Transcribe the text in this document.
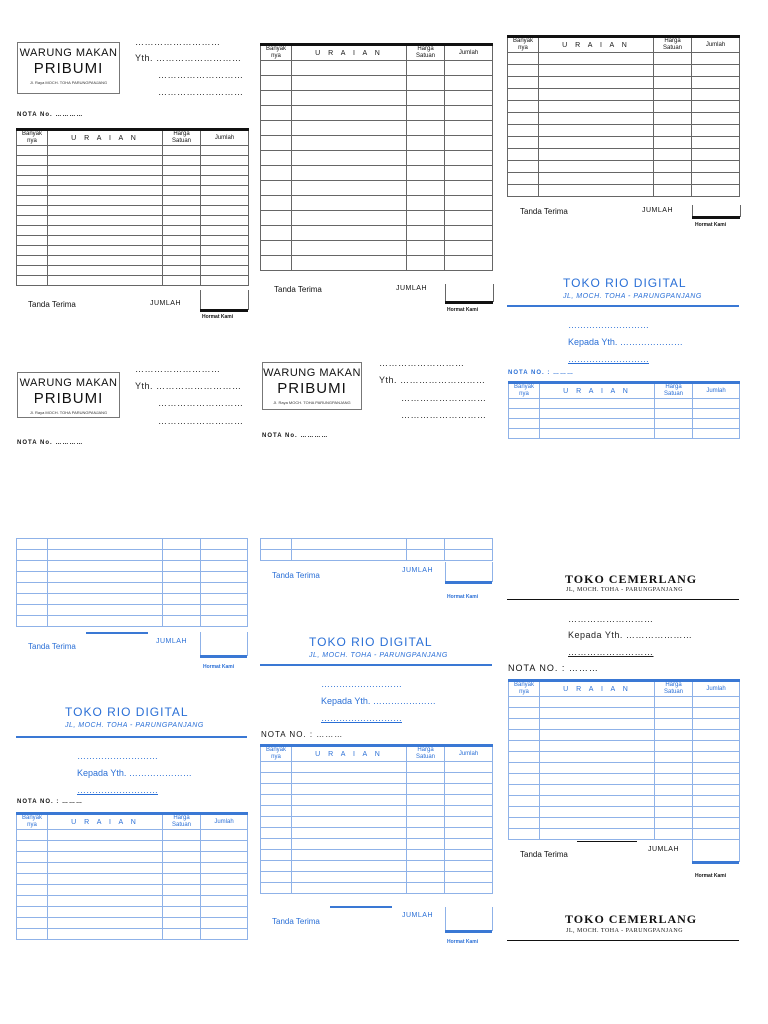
WARUNG MAKAN
PRIBUMI
Jl. Raya MOCH. TOHA PARUNGPANJANG
………………………
Yth. ………………………
………………………
………………………
NOTA No. …………
Banyak nya	U R A I A N	Harga Satuan	Jumlah

Tanda Terima	JUMLAH
Hormat Kami
Banyak nya	U R A I A N	Harga Satuan	Jumlah

Tanda Terima	JUMLAH
Hormat Kami
Banyak nya	U R A I A N	Harga Satuan	Jumlah

Tanda Terima	JUMLAH
Hormat Kami
TOKO RIO DIGITAL
JL, MOCH. TOHA - PARUNGPANJANG
………………………
Kepada Yth. …………………
………………………
NOTA NO. : ………
Banyak nya	U R A I A N	Harga Satuan	Jumlah

WARUNG MAKAN
PRIBUMI
Jl. Raya MOCH. TOHA PARUNGPANJANG
………………………
Yth. ………………………
………………………
………………………
NOTA No. …………
WARUNG MAKAN
PRIBUMI
Jl. Raya MOCH. TOHA PARUNGPANJANG
………………………
Yth. ………………………
………………………
………………………
NOTA No. …………

Tanda Terima
JUMLAH
Hormat Kami

Tanda Terima
JUMLAH
Hormat Kami
TOKO RIO DIGITAL
JL, MOCH. TOHA - PARUNGPANJANG
………………………
Kepada Yth. …………………
………………………
NOTA NO. : ………
Banyak nya	U R A I A N	Harga Satuan	Jumlah

Tanda Terima
JUMLAH
Hormat Kami
TOKO RIO DIGITAL
JL, MOCH. TOHA - PARUNGPANJANG
………………………
Kepada Yth. …………………
………………………
NOTA NO. : ………
Banyak nya	U R A I A N	Harga Satuan	Jumlah

TOKO CEMERLANG
JL, MOCH. TOHA - PARUNGPANJANG
………………………
Kepada Yth. …………………
………………………
NOTA NO. : ………
Banyak nya	U R A I A N	Harga Satuan	Jumlah

Tanda Terima
JUMLAH
Hormat Kami
TOKO CEMERLANG
JL, MOCH. TOHA - PARUNGPANJANG
